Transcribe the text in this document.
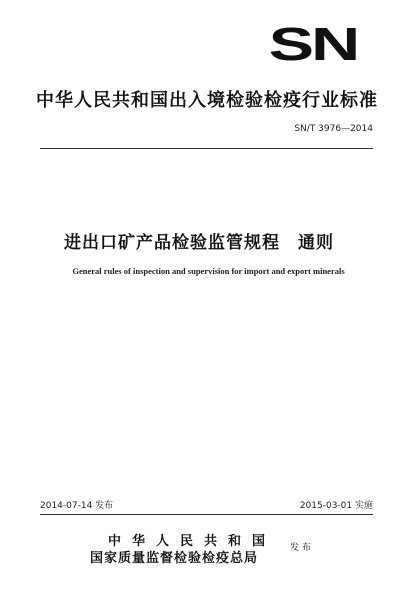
SN
中华人民共和国出入境检验检疫行业标准
SN/T 3976—2014
进出口矿产品检验监管规程 通则
General rules of inspection and supervision for import and export minerals
2014-07-14 发布	2015-03-01 实施
中华人民共和国
国家质量监督检验检疫总局
发布
